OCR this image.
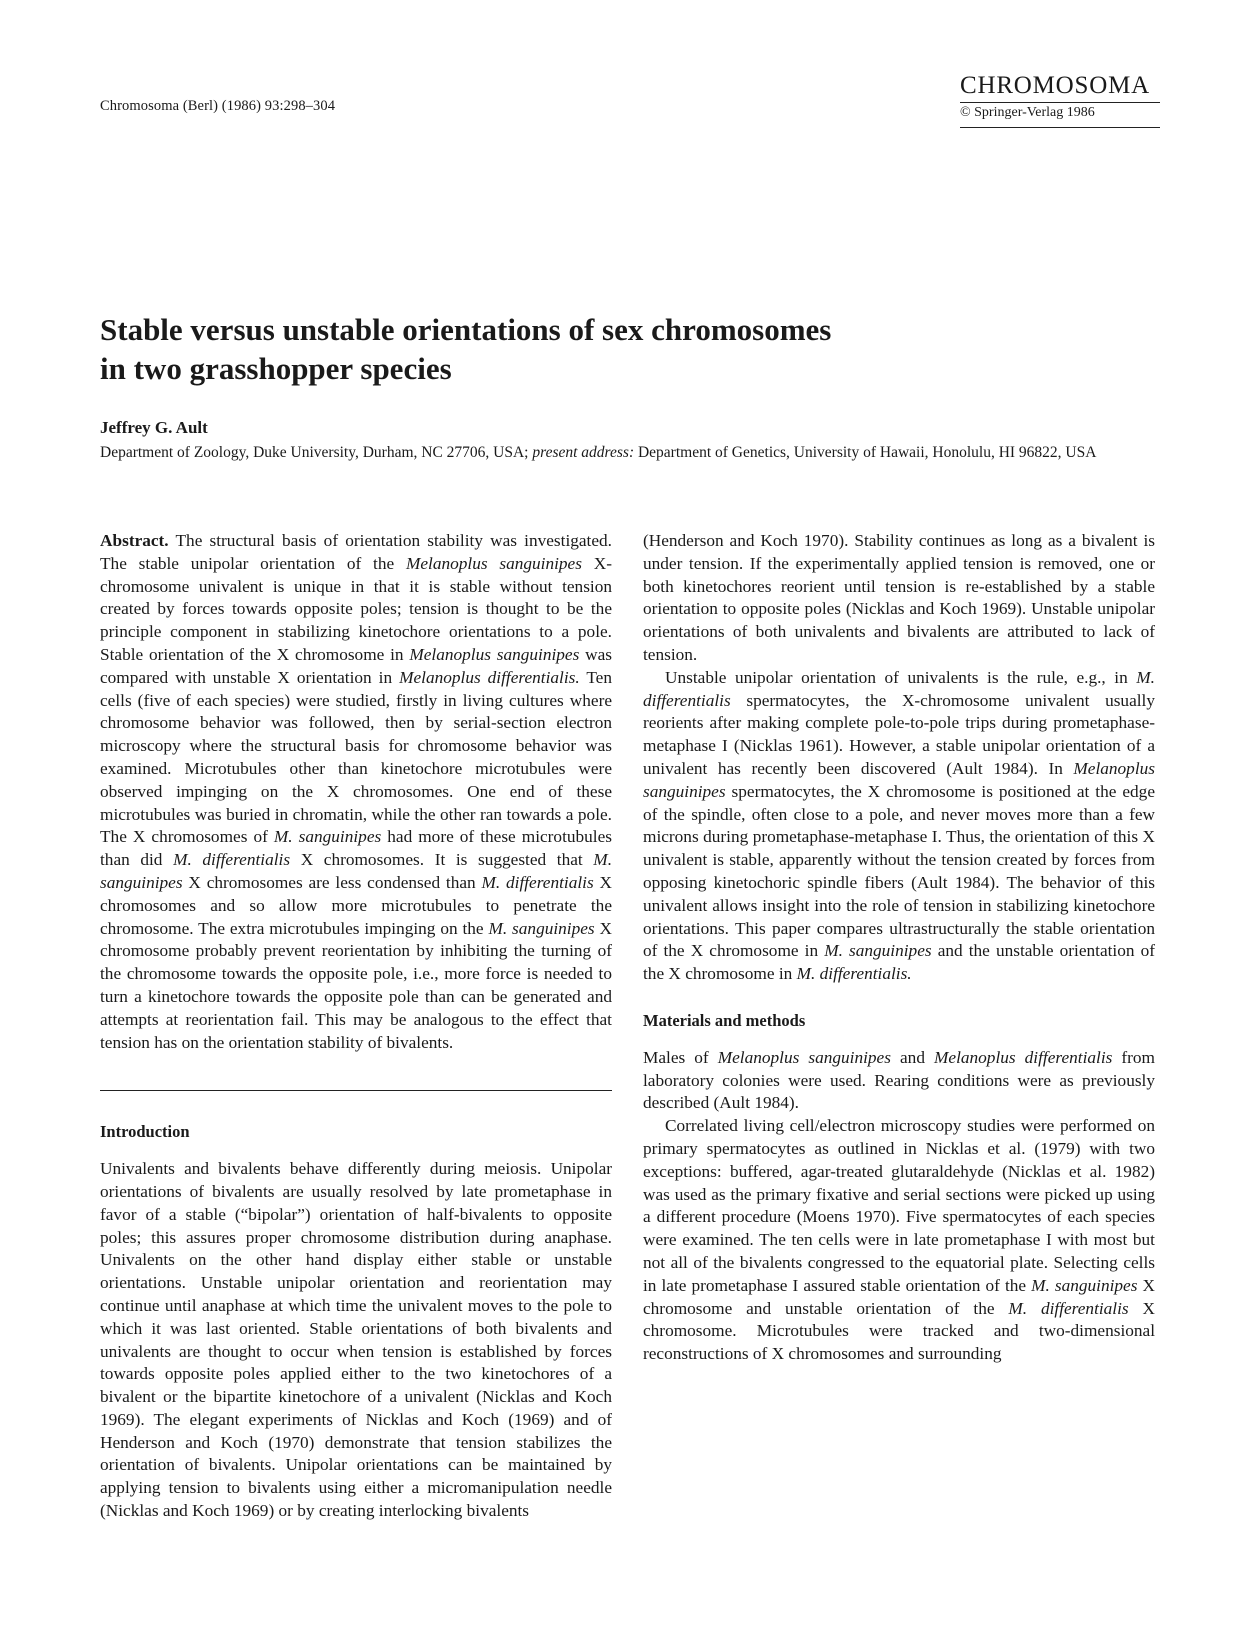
Chromosoma (Berl) (1986) 93:298–304
CHROMOSOMA
© Springer-Verlag 1986
Stable versus unstable orientations of sex chromosomes
in two grasshopper species
Jeffrey G. Ault
Department of Zoology, Duke University, Durham, NC 27706, USA; present address: Department of Genetics, University of Hawaii, Honolulu, HI 96822, USA

Abstract. The structural basis of orientation stability was investigated. The stable unipolar orientation of the Melanoplus sanguinipes X-chromosome univalent is unique in that it is stable without tension created by forces towards opposite poles; tension is thought to be the principle component in stabilizing kinetochore orientations to a pole. Stable orientation of the X chromosome in Melanoplus sanguinipes was compared with unstable X orientation in Melanoplus differentialis. Ten cells (five of each species) were studied, firstly in living cultures where chromosome behavior was followed, then by serial-section electron microscopy where the structural basis for chromosome behavior was examined. Microtubules other than kinetochore microtubules were observed impinging on the X chromosomes. One end of these microtubules was buried in chromatin, while the other ran towards a pole. The X chromosomes of M. sanguinipes had more of these microtubules than did M. differentialis X chromosomes. It is suggested that M. sanguinipes X chromosomes are less condensed than M. differentialis X chromosomes and so allow more microtubules to penetrate the chromosome. The extra microtubules impinging on the M. sanguinipes X chromosome probably prevent reorientation by inhibiting the turning of the chromosome towards the opposite pole, i.e., more force is needed to turn a kinetochore towards the opposite pole than can be generated and attempts at reorientation fail. This may be analogous to the effect that tension has on the orientation stability of bivalents.

Introduction

Univalents and bivalents behave differently during meiosis. Unipolar orientations of bivalents are usually resolved by late prometaphase in favor of a stable (“bipolar”) orientation of half-bivalents to opposite poles; this assures proper chromosome distribution during anaphase. Univalents on the other hand display either stable or unstable orientations. Unstable unipolar orientation and reorientation may continue until anaphase at which time the univalent moves to the pole to which it was last oriented. Stable orientations of both bivalents and univalents are thought to occur when tension is established by forces towards opposite poles applied either to the two kinetochores of a bivalent or the bipartite kinetochore of a univalent (Nicklas and Koch 1969). The elegant experiments of Nicklas and Koch (1969) and of Henderson and Koch (1970) demonstrate that tension stabilizes the orientation of bivalents. Unipolar orientations can be maintained by applying tension to bivalents using either a micromanipulation needle (Nicklas and Koch 1969) or by creating interlocking bivalents

(Henderson and Koch 1970). Stability continues as long as a bivalent is under tension. If the experimentally applied tension is removed, one or both kinetochores reorient until tension is re-established by a stable orientation to opposite poles (Nicklas and Koch 1969). Unstable unipolar orientations of both univalents and bivalents are attributed to lack of tension.

Unstable unipolar orientation of univalents is the rule, e.g., in M. differentialis spermatocytes, the X-chromosome univalent usually reorients after making complete pole-to-pole trips during prometaphase-metaphase I (Nicklas 1961). However, a stable unipolar orientation of a univalent has recently been discovered (Ault 1984). In Melanoplus sanguinipes spermatocytes, the X chromosome is positioned at the edge of the spindle, often close to a pole, and never moves more than a few microns during prometaphase-metaphase I. Thus, the orientation of this X univalent is stable, apparently without the tension created by forces from opposing kinetochoric spindle fibers (Ault 1984). The behavior of this univalent allows insight into the role of tension in stabilizing kinetochore orientations. This paper compares ultrastructurally the stable orientation of the X chromosome in M. sanguinipes and the unstable orientation of the X chromosome in M. differentialis.

Materials and methods

Males of Melanoplus sanguinipes and Melanoplus differentialis from laboratory colonies were used. Rearing conditions were as previously described (Ault 1984).

Correlated living cell/electron microscopy studies were performed on primary spermatocytes as outlined in Nicklas et al. (1979) with two exceptions: buffered, agar-treated glutaraldehyde (Nicklas et al. 1982) was used as the primary fixative and serial sections were picked up using a different procedure (Moens 1970). Five spermatocytes of each species were examined. The ten cells were in late prometaphase I with most but not all of the bivalents congressed to the equatorial plate. Selecting cells in late prometaphase I assured stable orientation of the M. sanguinipes X chromosome and unstable orientation of the M. differentialis X chromosome. Microtubules were tracked and two-dimensional reconstructions of X chromosomes and surrounding
